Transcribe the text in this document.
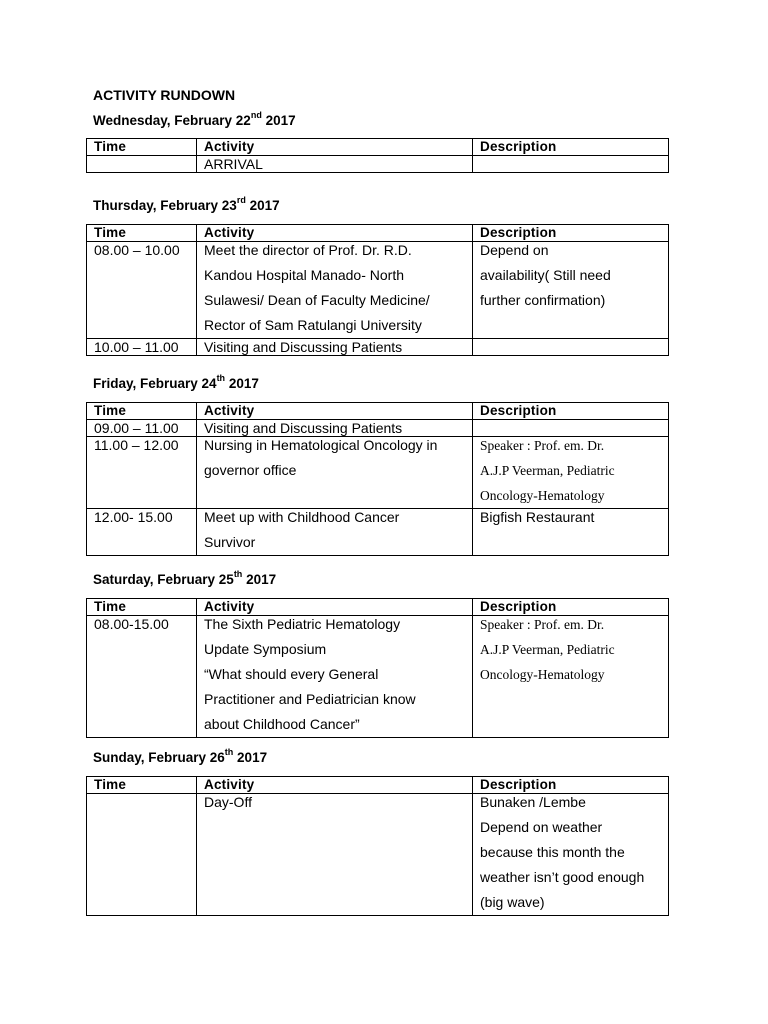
ACTIVITY RUNDOWN
Wednesday, February 22nd 2017
Time	Activity	Description
	ARRIVAL	
Thursday, February 23rd 2017
Time	Activity	Description
08.00 – 10.00	Meet the director of Prof. Dr. R.D.
Kandou Hospital Manado- North
Sulawesi/ Dean of Faculty Medicine/
Rector of Sam Ratulangi University	Depend on
availability( Still need
further confirmation)

10.00 – 11.00	Visiting and Discussing Patients	
Friday, February 24th 2017
Time	Activity	Description
09.00 – 11.00	Visiting and Discussing Patients	
11.00 – 12.00	Nursing in Hematological Oncology in
governor office	Speaker : Prof. em. Dr.
A.J.P Veerman, Pediatric
Oncology-Hematology

12.00- 15.00	Meet up with Childhood Cancer
Survivor	Bigfish Restaurant
Saturday, February 25th 2017
Time	Activity	Description
08.00-15.00	The Sixth Pediatric Hematology
Update Symposium
“What should every General
Practitioner and Pediatrician know
about Childhood Cancer”	Speaker : Prof. em. Dr.
A.J.P Veerman, Pediatric
Oncology-Hematology
Sunday, February 26th 2017
Time	Activity	Description
	Day-Off	Bunaken /Lembe
Depend on weather
because this month the
weather isn’t good enough
(big wave)
